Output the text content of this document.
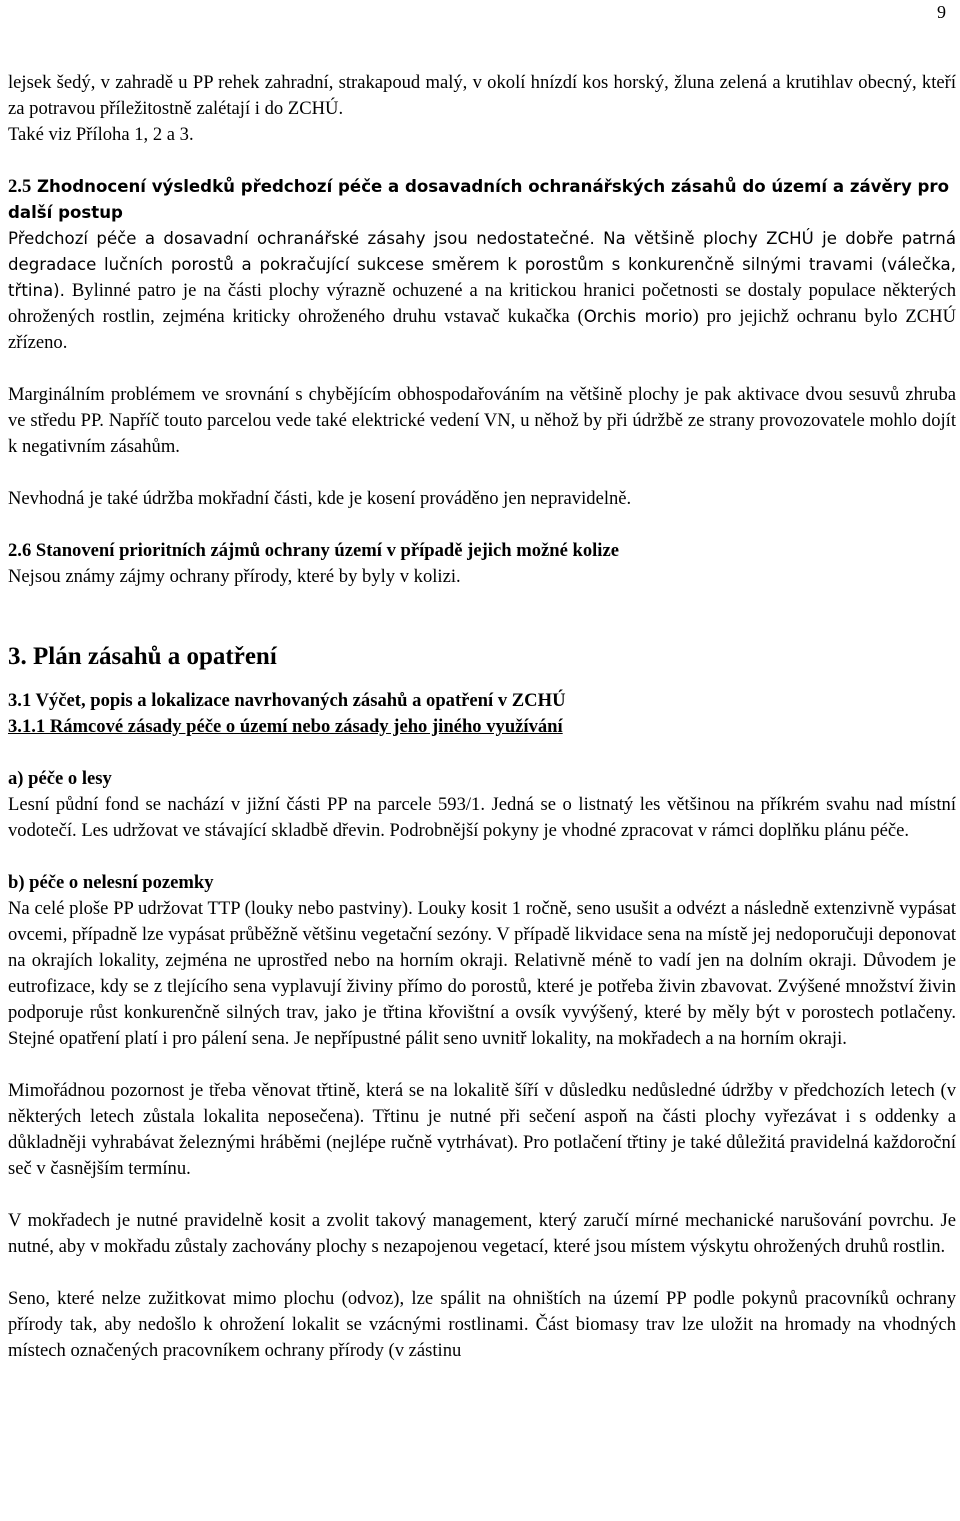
9

lejsek šedý, v zahradě u PP rehek zahradní, strakapoud malý, v okolí hnízdí kos horský, žluna zelená a krutihlav obecný, kteří za potravou příležitostně zalétají i do ZCHÚ.
Také viz Příloha 1, 2 a 3.

2.5 Zhodnocení výsledků předchozí péče a dosavadních ochranářských zásahů do území a závěry pro další postup

Předchozí péče a dosavadní ochranářské zásahy jsou nedostatečné. Na většině plochy ZCHÚ je dobře patrná degradace lučních porostů a pokračující sukcese směrem k porostům s konkurenčně silnými travami (válečka, třtina). Bylinné patro je na části plochy výrazně ochuzené a na kritickou hranici početnosti se dostaly populace některých ohrožených rostlin, zejména kriticky ohroženého druhu vstavač kukačka (Orchis morio) pro jejichž ochranu bylo ZCHÚ zřízeno.

Marginálním problémem ve srovnání s chybějícím obhospodařováním na většině plochy je pak aktivace dvou sesuvů zhruba ve středu PP. Napříč touto parcelou vede také elektrické vedení VN, u něhož by při údržbě ze strany provozovatele mohlo dojít k negativním zásahům.

Nevhodná je také údržba mokřadní části, kde je kosení prováděno jen nepravidelně.

2.6 Stanovení prioritních zájmů ochrany území v případě jejich možné kolize

Nejsou známy zájmy ochrany přírody, které by byly v kolizi.

3. Plán zásahů a opatření

3.1 Výčet, popis a lokalizace navrhovaných zásahů a opatření v ZCHÚ

3.1.1 Rámcové zásady péče o území nebo zásady jeho jiného využívání

a) péče o lesy

Lesní půdní fond se nachází v jižní části PP na parcele 593/1. Jedná se o listnatý les většinou na příkrém svahu nad místní vodotečí. Les udržovat ve stávající skladbě dřevin. Podrobnější pokyny je vhodné zpracovat v rámci doplňku plánu péče.

b) péče o nelesní pozemky

Na celé ploše PP udržovat TTP (louky nebo pastviny). Louky kosit 1 ročně, seno usušit a odvézt a následně extenzivně vypásat ovcemi, případně lze vypásat průběžně většinu vegetační sezóny. V případě likvidace sena na místě jej nedoporučuji deponovat na okrajích lokality, zejména ne uprostřed nebo na horním okraji. Relativně méně to vadí jen na dolním okraji. Důvodem je eutrofizace, kdy se z tlejícího sena vyplavují živiny přímo do porostů, které je potřeba živin zbavovat. Zvýšené množství živin podporuje růst konkurenčně silných trav, jako je třtina křovištní a ovsík vyvýšený, které by měly být v porostech potlačeny. Stejné opatření platí i pro pálení sena. Je nepřípustné pálit seno uvnitř lokality, na mokřadech a na horním okraji.

Mimořádnou pozornost je třeba věnovat třtině, která se na lokalitě šíří v důsledku nedůsledné údržby v předchozích letech (v některých letech zůstala lokalita neposečena). Třtinu je nutné při sečení aspoň na části plochy vyřezávat i s oddenky a důkladněji vyhrabávat železnými hráběmi (nejlépe ručně vytrhávat). Pro potlačení třtiny je také důležitá pravidelná každoroční seč v časnějším termínu.

V mokřadech je nutné pravidelně kosit a zvolit takový management, který zaručí mírné mechanické narušování povrchu. Je nutné, aby v mokřadu zůstaly zachovány plochy s nezapojenou vegetací, které jsou místem výskytu ohrožených druhů rostlin.

Seno, které nelze zužitkovat mimo plochu (odvoz), lze spálit na ohništích na území PP podle pokynů pracovníků ochrany přírody tak, aby nedošlo k ohrožení lokalit se vzácnými rostlinami. Část biomasy trav lze uložit na hromady na vhodných místech označených pracovníkem ochrany přírody (v zástinu
